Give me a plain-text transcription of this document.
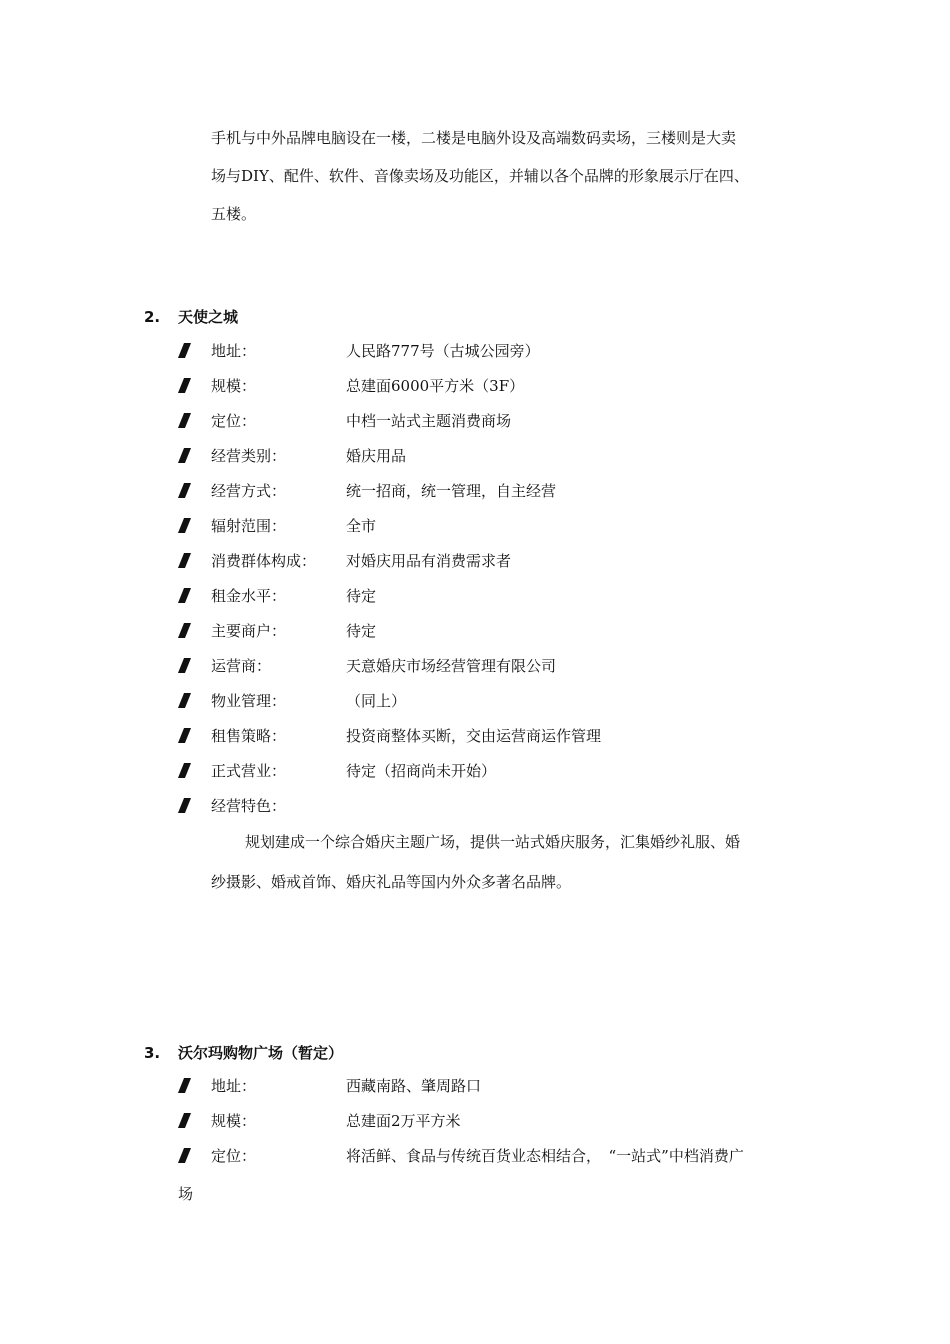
手机与中外品牌电脑设在一楼，二楼是电脑外设及高端数码卖场，三楼则是大卖
场与DIY、配件、软件、音像卖场及功能区，并辅以各个品牌的形象展示厅在四、
五楼。
2. 天使之城
地址：	人民路777号（古城公园旁）
规模：	总建面6000平方米（3F）
定位：	中档一站式主题消费商场
经营类别：	婚庆用品
经营方式：	统一招商，统一管理，自主经营
辐射范围：	全市
消费群体构成： 对婚庆用品有消费需求者
租金水平：	待定
主要商户：	待定
运营商：	天意婚庆市场经营管理有限公司
物业管理：	（同上）
租售策略：	投资商整体买断，交由运营商运作管理
正式营业：	待定（招商尚未开始）
经营特色：
规划建成一个综合婚庆主题广场，提供一站式婚庆服务，汇集婚纱礼服、婚
纱摄影、婚戒首饰、婚庆礼品等国内外众多著名品牌。
3. 沃尔玛购物广场（暂定）
地址：	西藏南路、肇周路口
规模：	总建面2万平方米
定位：	将活鲜、食品与传统百货业态相结合，　“一站式”中档消费广
场
